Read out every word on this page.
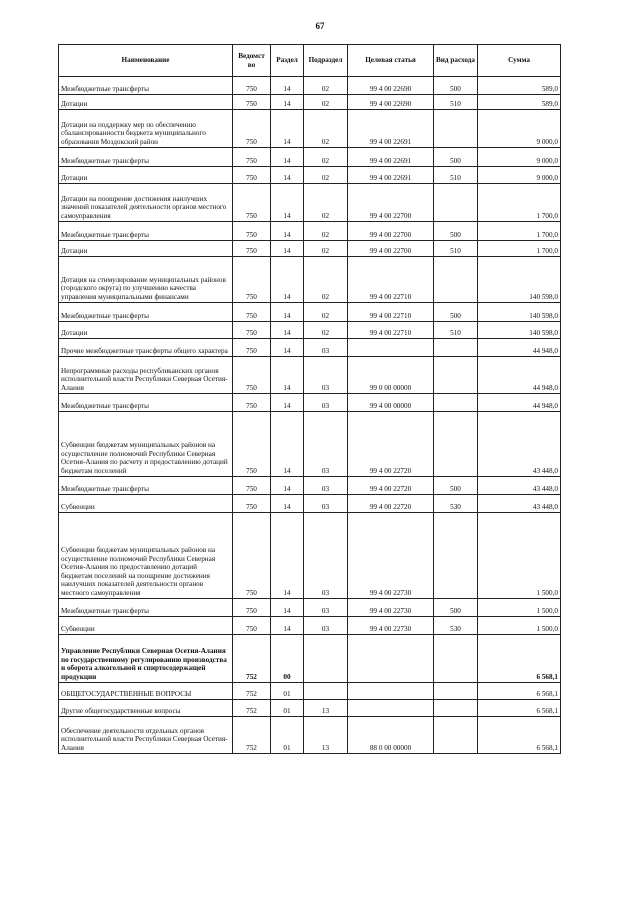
67
Наименование	Ведомст во	Раздел	Подраздел	Целевая статья	Вид расхода	Сумма
Межбюджетные трансферты	750	14	02	99 4 00 22690	500	589,0
Дотации	750	14	02	99 4 00 22690	510	589,0
Дотации на поддержку мер по обеспечению сбалансированности бюджета муниципального образования Моздокский район	750	14	02	99 4 00 22691		9 000,0
Межбюджетные трансферты	750	14	02	99 4 00 22691	500	9 000,0
Дотации	750	14	02	99 4 00 22691	510	9 000,0
Дотации на поощрение достижения наилучших значений показателей деятельности органов местного самоуправления	750	14	02	99 4 00 22700		1 700,0
Межбюджетные трансферты	750	14	02	99 4 00 22700	500	1 700,0
Дотации	750	14	02	99 4 00 22700	510	1 700,0
Дотация на стимулирование муниципальных районов (городского округа) по улучшению качества управления муниципальными финансами	750	14	02	99 4 00 22710		140 598,0
Межбюджетные трансферты	750	14	02	99 4 00 22710	500	140 598,0
Дотации	750	14	02	99 4 00 22710	510	140 598,0
Прочие межбюджетные трансферты общего характера	750	14	03			44 948,0
Непрограммные расходы республиканских органов исполнительной власти Республики Северная Осетия-Алания	750	14	03	99 0 00 00000		44 948,0
Межбюджетные трансферты	750	14	03	99 4 00 00000		44 948,0
Субвенции бюджетам муниципальных районов на осуществление полномочий Республики Северная Осетия-Алания по расчету и предоставлению дотаций бюджетам поселений	750	14	03	99 4 00 22720		43 448,0
Межбюджетные трансферты	750	14	03	99 4 00 22720	500	43 448,0
Субвенции	750	14	03	99 4 00 22720	530	43 448,0
Субвенции бюджетам муниципальных районов на осуществление полномочий Республики Северная Осетия-Алания по предоставлению дотаций бюджетам поселений на поощрение достижения наилучших показателей деятельности органов местного самоуправления	750	14	03	99 4 00 22730		1 500,0
Межбюджетные трансферты	750	14	03	99 4 00 22730	500	1 500,0
Субвенции	750	14	03	99 4 00 22730	530	1 500,0
Управление Республики Северная Осетия-Алания по государственному регулированию производства и оборота алкогольной и спиртосодержащей продукции	752	00				6 568,1
ОБЩЕГОСУДАРСТВЕННЫЕ ВОПРОСЫ	752	01				6 568,1
Другие общегосударственные вопросы	752	01	13			6 568,1
Обеспечение деятельности отдельных органов исполнительной власти Республики Северная Осетия-Алания	752	01	13	88 0 00 00000		6 568,1
